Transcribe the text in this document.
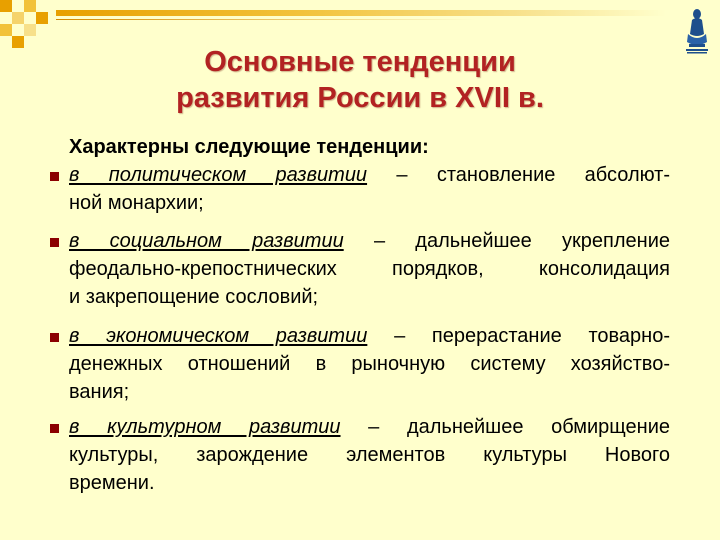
Основные тенденции
развития России в XVII в.
Характерны следующие тенденции:
в политическом развитии – становление абсолют-
ной монархии;
в социальном развитии – дальнейшее укрепление
феодально-крепостнических порядков, консолидация
и закрепощение сословий;
в экономическом развитии – перерастание товарно-
денежных отношений в рыночную систему хозяйство-
вания;
в культурном развитии – дальнейшее обмирщение
культуры, зарождение элементов культуры Нового
времени.
